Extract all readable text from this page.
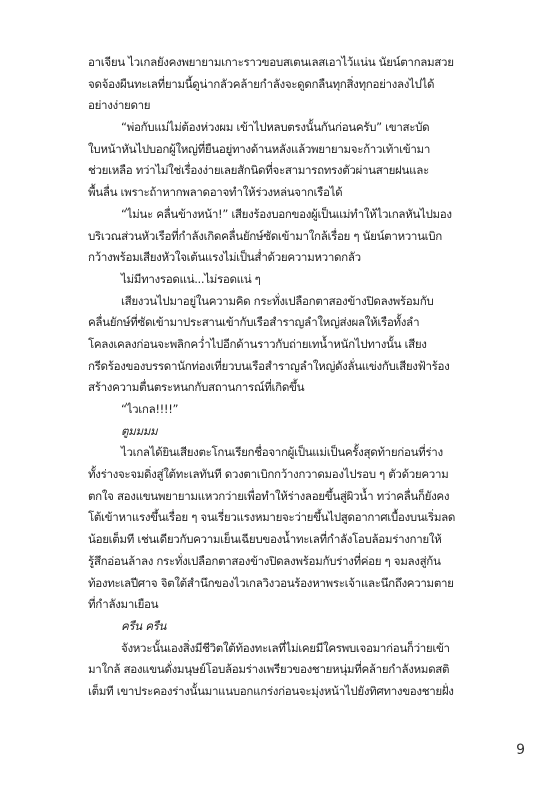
อาเจียน ไวเกลยังคงพยายามเกาะราวขอบสเตนเลสเอาไว้แน่น นัยน์ตากลมสวย
จดจ้องผืนทะเลที่ยามนี้ดูน่ากลัวคล้ายกำลังจะดูดกลืนทุกสิ่งทุกอย่างลงไปได้
อย่างง่ายดาย
“พ่อกับแม่ไม่ต้องห่วงผม เข้าไปหลบตรงนั้นกันก่อนครับ” เขาสะบัด
ใบหน้าหันไปบอกผู้ใหญ่ที่ยืนอยู่ทางด้านหลังแล้วพยายามจะก้าวเท้าเข้ามา
ช่วยเหลือ ทว่าไม่ใช่เรื่องง่ายเลยสักนิดที่จะสามารถทรงตัวผ่านสายฝนและ
พื้นลื่น เพราะถ้าหากพลาดอาจทำให้ร่วงหล่นจากเรือได้
“ไม่นะ คลื่นข้างหน้า!” เสียงร้องบอกของผู้เป็นแม่ทำให้ไวเกลหันไปมอง
บริเวณส่วนหัวเรือที่กำลังเกิดคลื่นยักษ์ซัดเข้ามาใกล้เรื่อย ๆ นัยน์ตาหวานเบิก
กว้างพร้อมเสียงหัวใจเต้นแรงไม่เป็นส่ำด้วยความหวาดกลัว
ไม่มีทางรอดแน่...ไม่รอดแน่ ๆ
เสียงวนไปมาอยู่ในความคิด กระทั่งเปลือกตาสองข้างปิดลงพร้อมกับ
คลื่นยักษ์ที่ซัดเข้ามาประสานเข้ากับเรือสำราญลำใหญ่ส่งผลให้เรือทั้งลำ
โคลงเคลงก่อนจะพลิกคว่ำไปอีกด้านราวกับถ่ายเทน้ำหนักไปทางนั้น เสียง
กรีดร้องของบรรดานักท่องเที่ยวบนเรือสำราญลำใหญ่ดังลั่นแข่งกับเสียงฟ้าร้อง
สร้างความตื่นตระหนกกับสถานการณ์ที่เกิดขึ้น
“ไวเกล!!!!”
ตูมมมม
ไวเกลได้ยินเสียงตะโกนเรียกชื่อจากผู้เป็นแม่เป็นครั้งสุดท้ายก่อนที่ร่าง
ทั้งร่างจะจมดิ่งสู่ใต้ทะเลทันที ดวงตาเบิกกว้างกวาดมองไปรอบ ๆ ตัวด้วยความ
ตกใจ สองแขนพยายามแหวกว่ายเพื่อทำให้ร่างลอยขึ้นสู่ผิวน้ำ ทว่าคลื่นก็ยังคง
โต้เข้าหาแรงขึ้นเรื่อย ๆ จนเรี่ยวแรงหมายจะว่ายขึ้นไปสูดอากาศเบื้องบนเริ่มลด
น้อยเต็มที เช่นเดียวกับความเย็นเฉียบของน้ำทะเลที่กำลังโอบล้อมร่างกายให้
รู้สึกอ่อนล้าลง กระทั่งเปลือกตาสองข้างปิดลงพร้อมกับร่างที่ค่อย ๆ จมลงสู่ก้น
ท้องทะเลปีศาจ จิตใต้สำนึกของไวเกลวิงวอนร้องหาพระเจ้าและนึกถึงความตาย
ที่กำลังมาเยือน
ครืน ครืน
จังหวะนั้นเองสิ่งมีชีวิตใต้ท้องทะเลที่ไม่เคยมีใครพบเจอมาก่อนก็ว่ายเข้า
มาใกล้ สองแขนดั่งมนุษย์โอบล้อมร่างเพรียวของชายหนุ่มที่คล้ายกำลังหมดสติ
เต็มที เขาประคองร่างนั้นมาแนบอกแกร่งก่อนจะมุ่งหน้าไปยังทิศทางของชายฝั่ง
9
